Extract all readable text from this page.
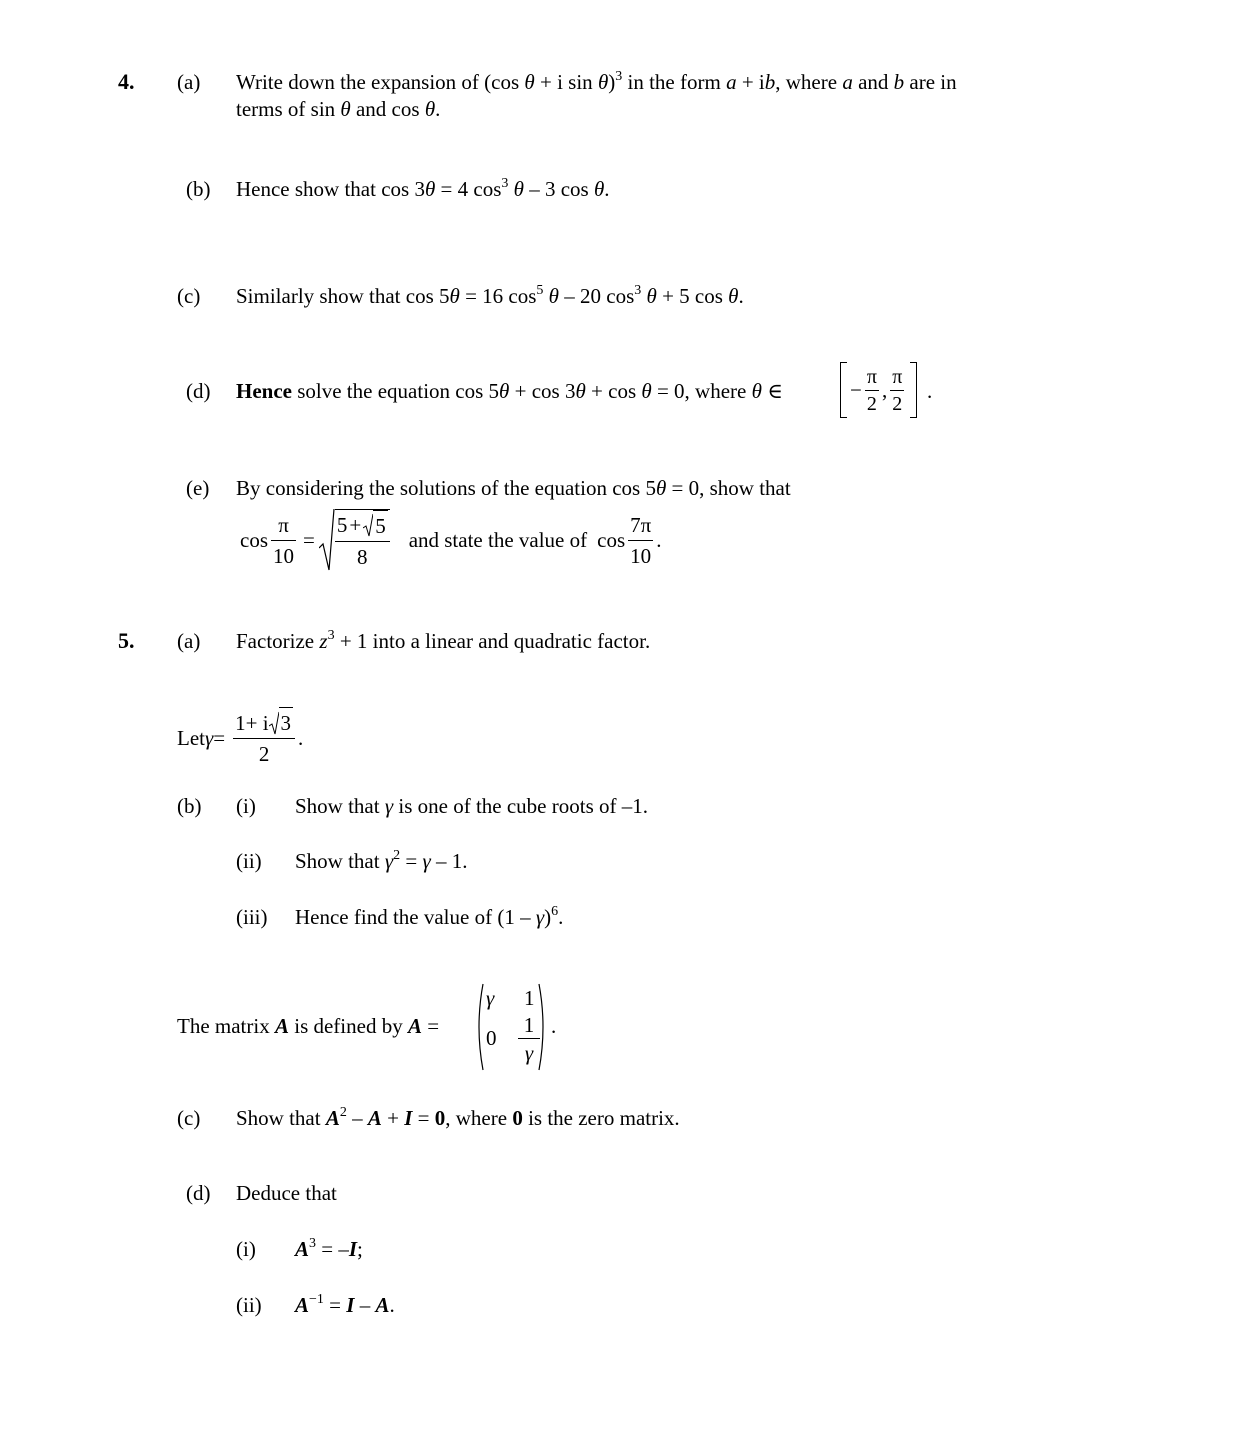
4. (a) Write down the expansion of (cos θ + i sin θ)$^3$ in the form a + ib, where a and b are in
terms of sin θ and cos θ.
(b) Hence show that cos 3θ = 4 $\cos^3 \theta - 3$ cos θ.
(c) Similarly show that cos 5θ = 16 $\cos^5 \theta - 20$ $\cos^3 \theta + 5$ cos θ.
(d) Hence solve the equation cos 5θ + cos 3θ + cos θ = 0, where θ ∈	− $\frac{\pi}{2}$ , $\frac{\pi}{2}$ .
(e) By considering the solutions of the equation cos 5θ = 0, show that
$\cos \frac{\pi}{10} = \frac{5 + 5}{8}$ and state the value of $\cos \frac{7\pi}{10}$ .
5. (a) Factorize $z^3 + 1$ into a linear and quadratic factor.
Let $\gamma = \frac{1+ i 3}{2}$ .
(b) (i) Show that γ is one of the cube roots of –1.
(ii) Show that $\gamma^2 = \gamma - 1$.
(iii) Hence find the value of (1 – γ)$^6$.
The matrix A is defined by A =
γ 1
0
1
γ
.
(c) Show that $A^2 - A + I = 0$, where 0 is the zero matrix.
(d) Deduce that
(i) $A^3 = -I$;
(ii) $A^{-1} = I - A$.
